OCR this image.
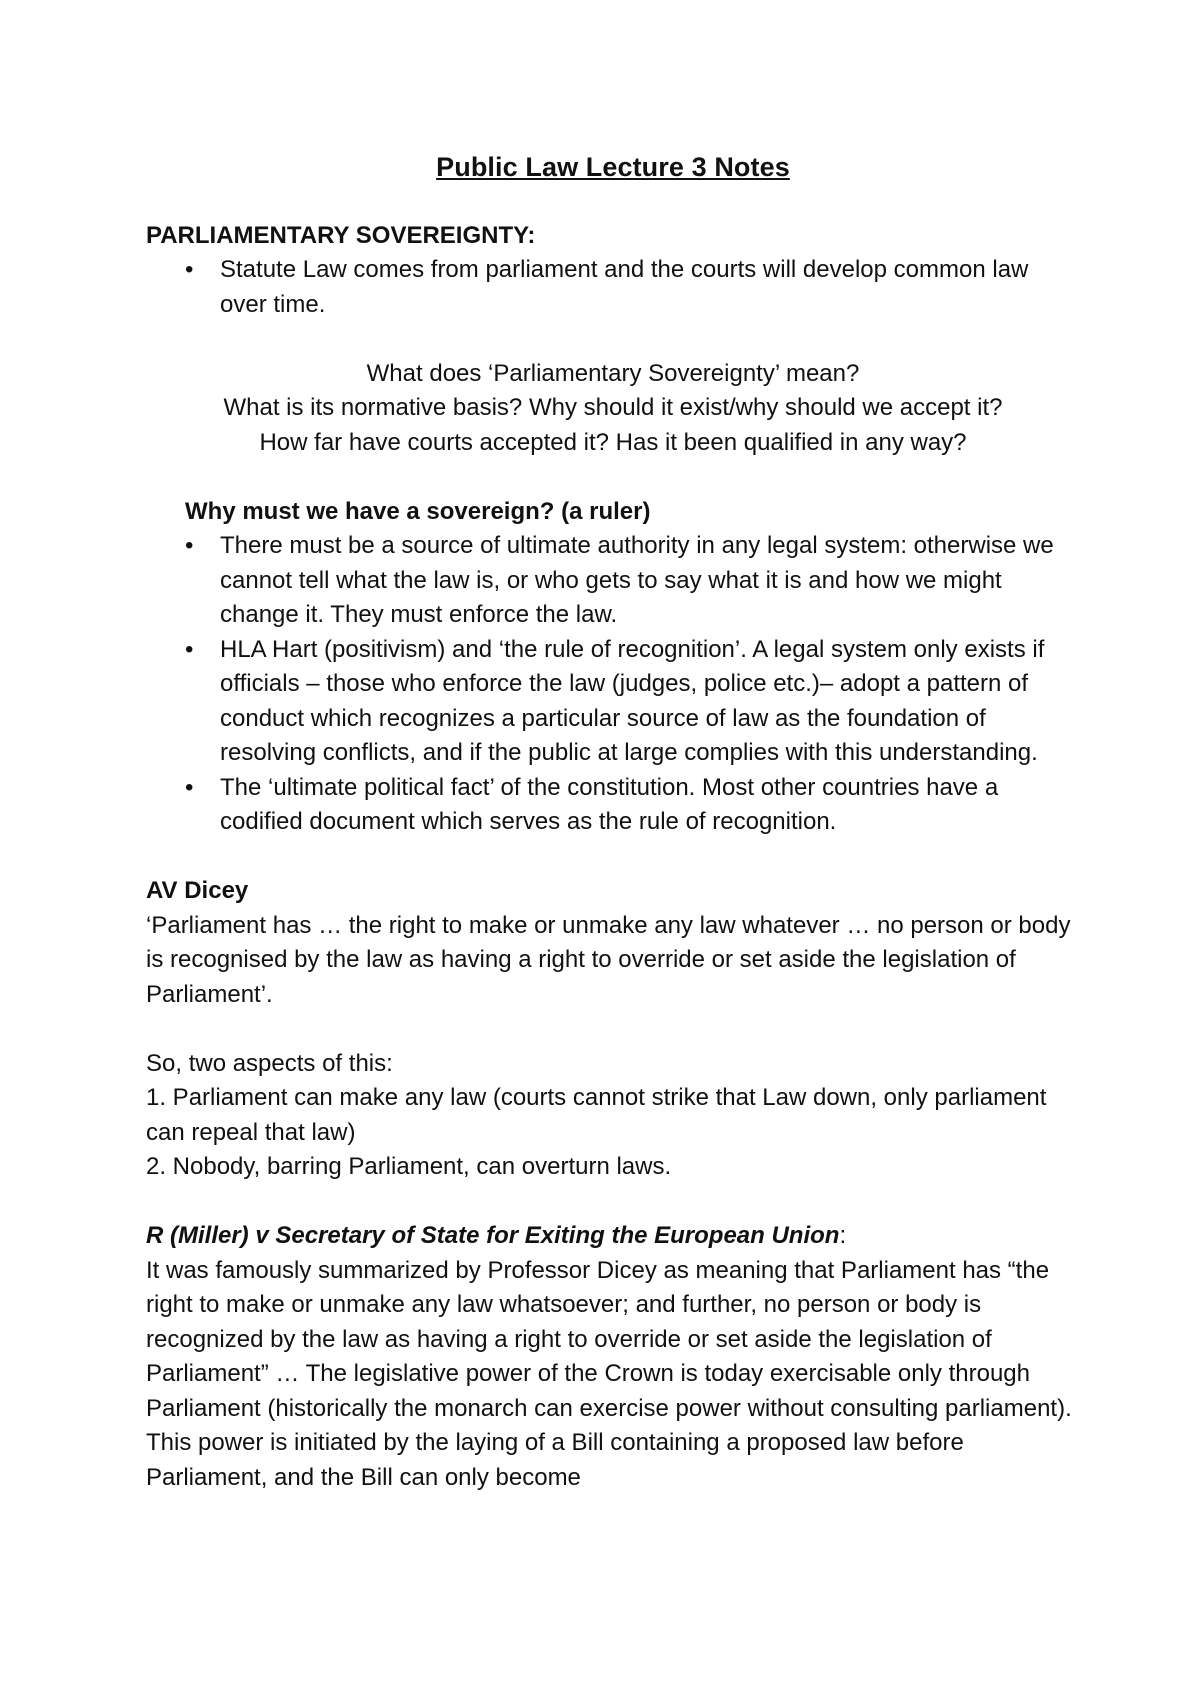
Public Law Lecture 3 Notes

PARLIAMENTARY SOVEREIGNTY:

• Statute Law comes from parliament and the courts will develop common law over time.

What does ‘Parliamentary Sovereignty’ mean?

What is its normative basis? Why should it exist/why should we accept it?

How far have courts accepted it? Has it been qualified in any way?

Why must we have a sovereign? (a ruler)

• There must be a source of ultimate authority in any legal system: otherwise we cannot tell what the law is, or who gets to say what it is and how we might change it. They must enforce the law.
• HLA Hart (positivism) and ‘the rule of recognition’. A legal system only exists if officials – those who enforce the law (judges, police etc.)– adopt a pattern of conduct which recognizes a particular source of law as the foundation of resolving conflicts, and if the public at large complies with this understanding.
• The ‘ultimate political fact’ of the constitution. Most other countries have a codified document which serves as the rule of recognition.

AV Dicey

‘Parliament has … the right to make or unmake any law whatever … no person or body is recognised by the law as having a right to override or set aside the legislation of Parliament’.

So, two aspects of this:

1. Parliament can make any law (courts cannot strike that Law down, only parliament can repeal that law)

2. Nobody, barring Parliament, can overturn laws.

R (Miller) v Secretary of State for Exiting the European Union:

It was famously summarized by Professor Dicey as meaning that Parliament has “the right to make or unmake any law whatsoever; and further, no person or body is recognized by the law as having a right to override or set aside the legislation of Parliament” … The legislative power of the Crown is today exercisable only through Parliament (historically the monarch can exercise power without consulting parliament). This power is initiated by the laying of a Bill containing a proposed law before Parliament, and the Bill can only become
